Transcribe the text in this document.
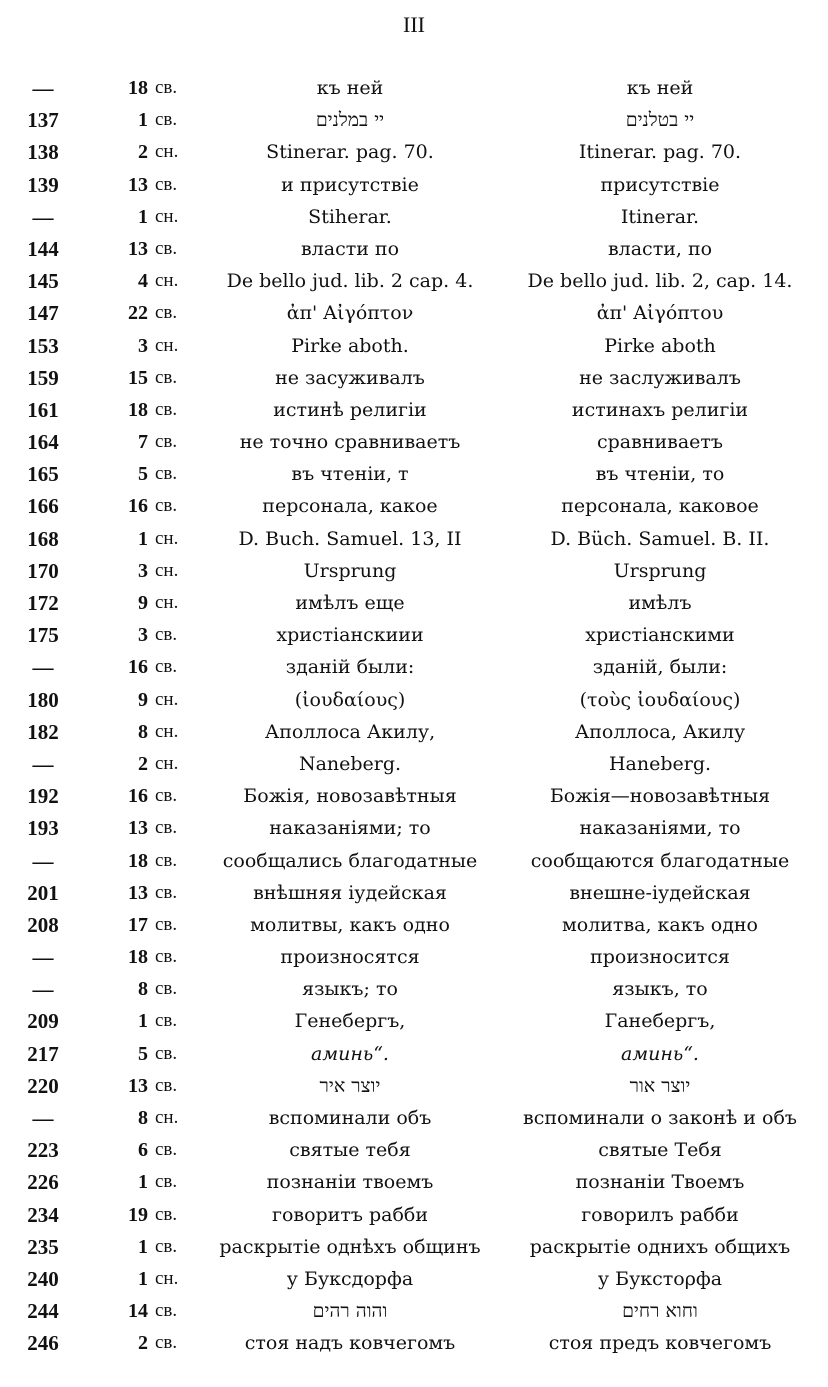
III
—	18 св.	къ ней	къ ней
137	1 св.	יי במלנים	יי בטלנים
138	2 сн.	Stinerar. pag. 70.	Itinerar. pag. 70.
139	13 св.	и присутствіе	присутствіе
—	1 сн.	Stiherar.	Itinerar.
144	13 св.	власти по	власти, по
145	4 сн.	De bello jud. lib. 2 cap. 4.	De bello jud. lib. 2, cap. 14.
147	22 св.	ἀπ' Αἰγόπτον	ἀπ' Αἰγόπτου
153	3 сн.	Pirke aboth.	Pirke aboth
159	15 св.	не засуживалъ	не заслуживалъ
161	18 св.	истинѣ религіи	истинахъ религіи
164	7 св.	не точно сравниваетъ	сравниваетъ
165	5 св.	въ чтеніи, т	въ чтеніи, то
166	16 св.	персонала, какое	персонала, каковое
168	1 сн.	D. Buch. Samuel. 13, II	D. Büch. Samuel. B. II.
170	3 сн.	Ursprung	Ursprung
172	9 сн.	имѣлъ еще	имѣлъ
175	3 св.	христіанскиии	христіанскими
—	16 св.	зданій были:	зданій, были:
180	9 сн.	(ἰουδαίους)	(τοὺς ἰουδαίους)
182	8 сн.	Аполлоса Акилу,	Аполлоса, Акилу
—	2 сн.	Naneberg.	Haneberg.
192	16 св.	Божія, новозавѣтныя	Божія—новозавѣтныя
193	13 св.	наказаніями; то	наказаніями, то
—	18 св.	сообщались благодатные	сообщаются благодатные
201	13 св.	внѣшняя іудейская	внешне-іудейская
208	17 св.	молитвы, какъ одно	молитва, какъ одно
—	18 св.	произносятся	произносится
—	8 св.	языкъ; то	языкъ, то
209	1 св.	Генебергъ,	Ганебергъ,
217	5 св.	аминь“.	аминь“.
220	13 св.	יוצר איר	יוצר אור
—	8 сн.	вспоминали объ	вспоминали о законѣ и объ
223	6 св.	святые тебя	святые Тебя
226	1 св.	познаніи твоемъ	познаніи Твоемъ
234	19 св.	говоритъ рабби	говорилъ рабби
235	1 св.	раскрытіе однѣхъ общинъ	раскрытіе однихъ общихъ
240	1 сн.	у Буксдорфа	у Букстορфа
244	14 св.	והוה רהים	וחוא רחים
246	2 св.	стоя надъ ковчегомъ	стоя предъ ковчегомъ
